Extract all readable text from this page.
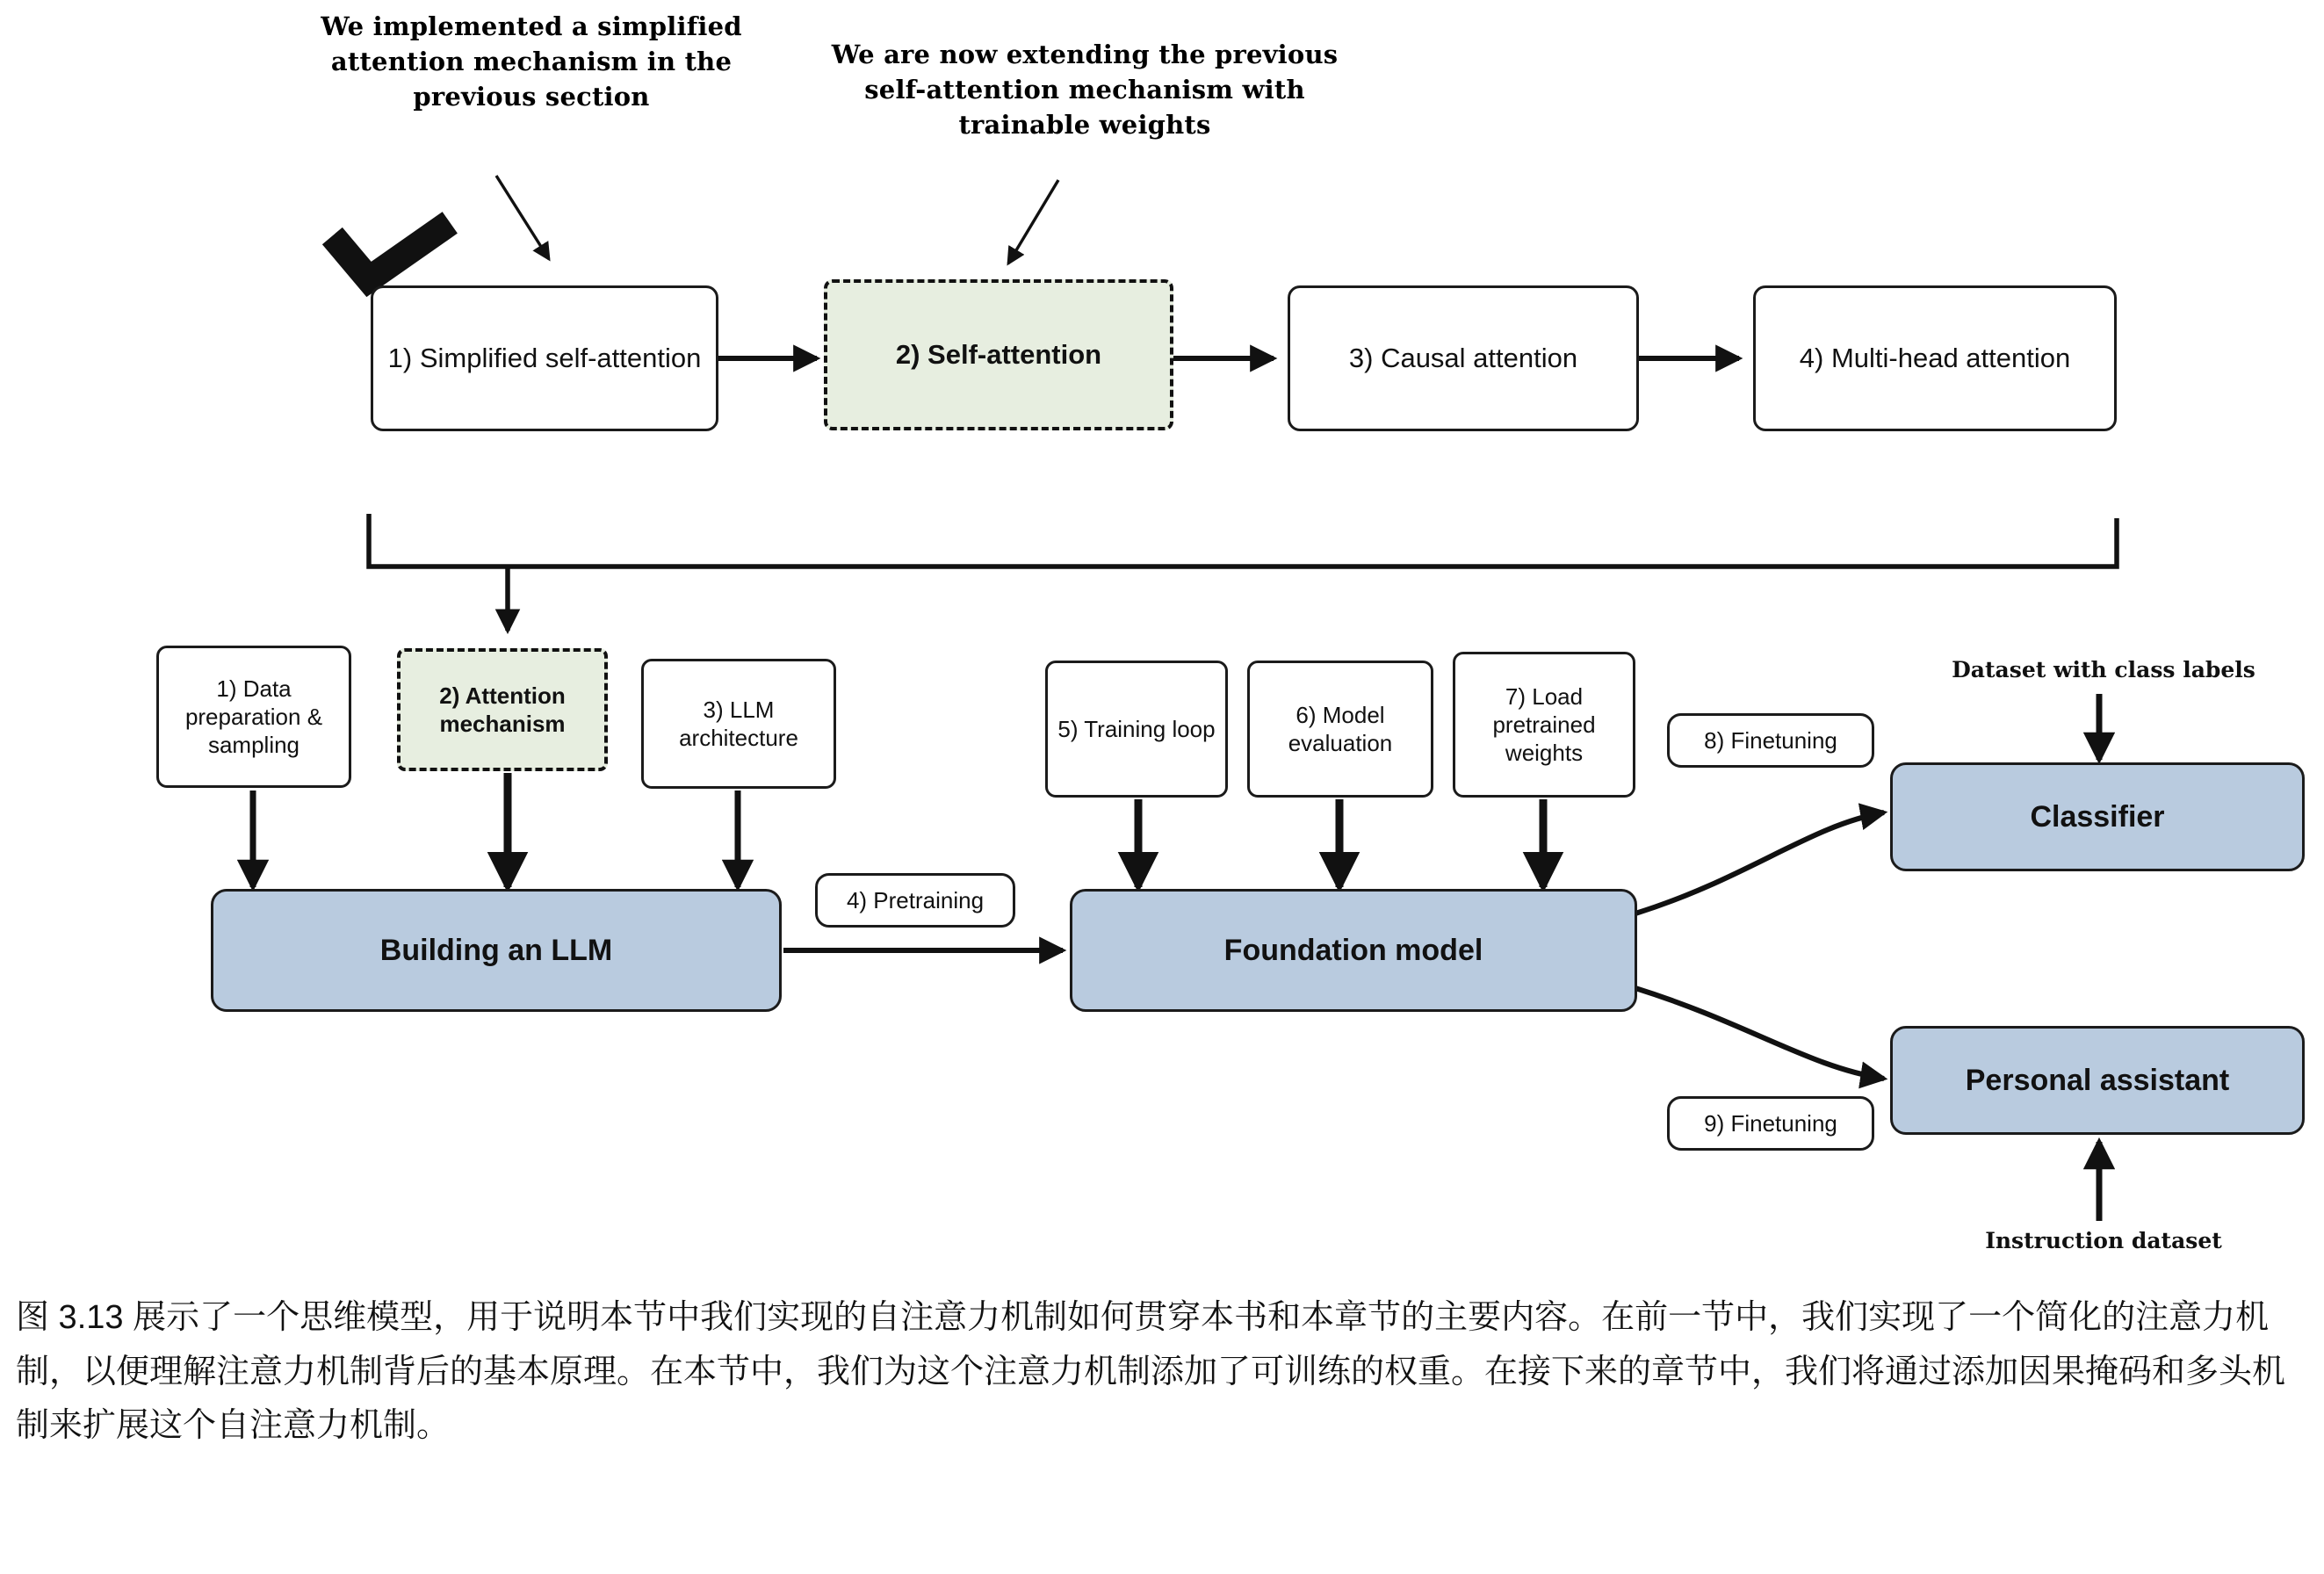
We implemented a simplified attention mechanism in the previous section
We are now extending the previous self-attention mechanism with trainable weights
1) Simplified self-attention	2) Self-attention	3) Causal attention	4) Multi-head attention
1) Data preparation & sampling
2) Attention mechanism
3) LLM architecture	5) Training loop
6) Model evaluation
7) Load pretrained weights
4) Pretraining
8) Finetuning
9) Finetuning
Dataset with class labels
Instruction dataset
Building an LLM	Foundation model
Classifier
Personal assistant
图 3.13 展示了一个思维模型，用于说明本节中我们实现的自注意力机制如何贯穿本书和本章节的主要内容。在前一节中，我们实现了一个简化的注意力机制，以便理解注意力机制背后的基本原理。在本节中，我们为这个注意力机制添加了可训练的权重。在接下来的章节中，我们将通过添加因果掩码和多头机制来扩展这个自注意力机制。
